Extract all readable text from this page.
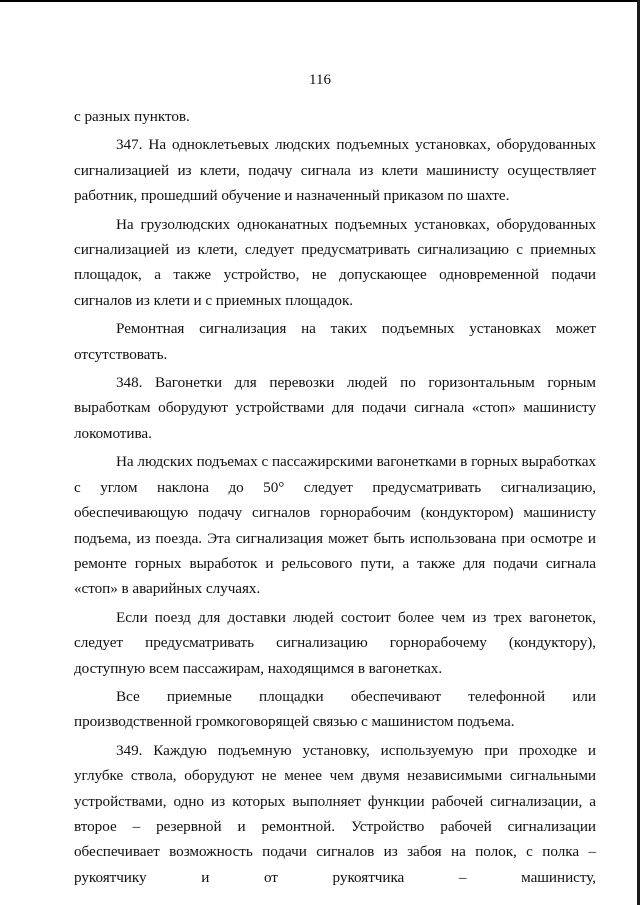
116

с разных пунктов.

347. На одноклетьевых людских подъемных установках, оборудованных сигнализацией из клети, подачу сигнала из клети машинисту осуществляет работник, прошедший обучение и назначенный приказом по шахте.

На грузолюдских одноканатных подъемных установках, оборудованных сигнализацией из клети, следует предусматривать сигнализацию с приемных площадок, а также устройство, не допускающее одновременной подачи сигналов из клети и с приемных площадок.

Ремонтная сигнализация на таких подъемных установках может отсутствовать.

348. Вагонетки для перевозки людей по горизонтальным горным выработкам оборудуют устройствами для подачи сигнала «стоп» машинисту локомотива.

На людских подъемах с пассажирскими вагонетками в горных выработках с углом наклона до 50° следует предусматривать сигнализацию, обеспечивающую подачу сигналов горнорабочим (кондуктором) машинисту подъема, из поезда. Эта сигнализация может быть использована при осмотре и ремонте горных выработок и рельсового пути, а также для подачи сигнала «стоп» в аварийных случаях.

Если поезд для доставки людей состоит более чем из трех вагонеток, следует предусматривать сигнализацию горнорабочему (кондуктору), доступную всем пассажирам, находящимся в вагонетках.

Все приемные площадки обеспечивают телефонной или производственной громкоговорящей связью с машинистом подъема.

349. Каждую подъемную установку, используемую при проходке и углубке ствола, оборудуют не менее чем двумя независимыми сигнальными устройствами, одно из которых выполняет функции рабочей сигнализации, а второе – резервной и ремонтной. Устройство рабочей сигнализации обеспечивает возможность подачи сигналов из забоя на полок, с полка – рукоятчику и от рукоятчика – машинисту,
